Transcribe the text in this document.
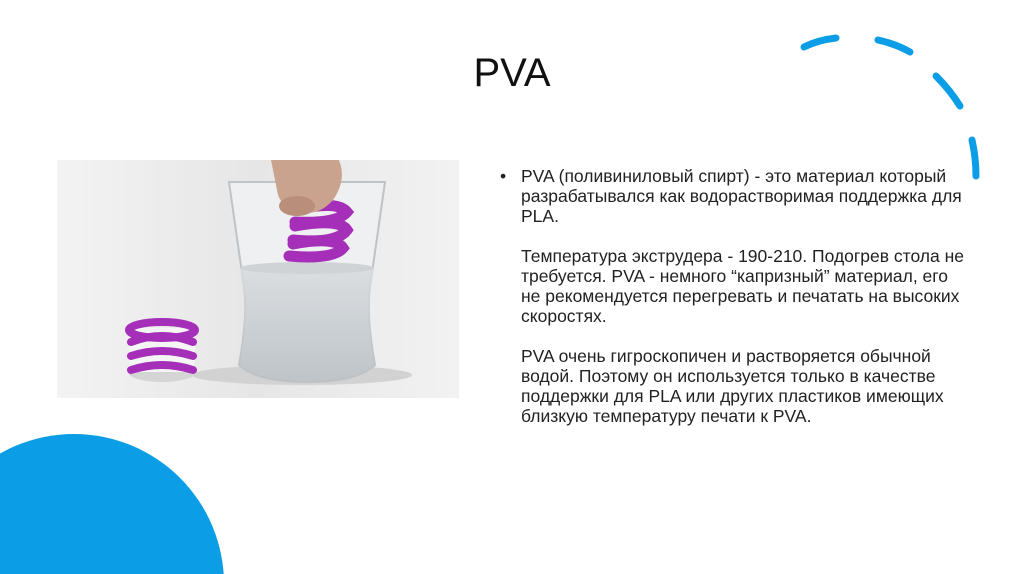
PVA
• PVA (поливиниловый спирт) - это материал который разрабатывался как водорастворимая поддержка для PLA.

Температура экструдера - 190-210. Подогрев стола не требуется. PVA - немного “капризный” материал, его не рекомендуется перегревать и печатать на высоких скоростях.

PVA очень гигроскопичен и растворяется обычной водой. Поэтому он используется только в качестве поддержки для PLA или других пластиков имеющих близкую температуру печати к PVA.
